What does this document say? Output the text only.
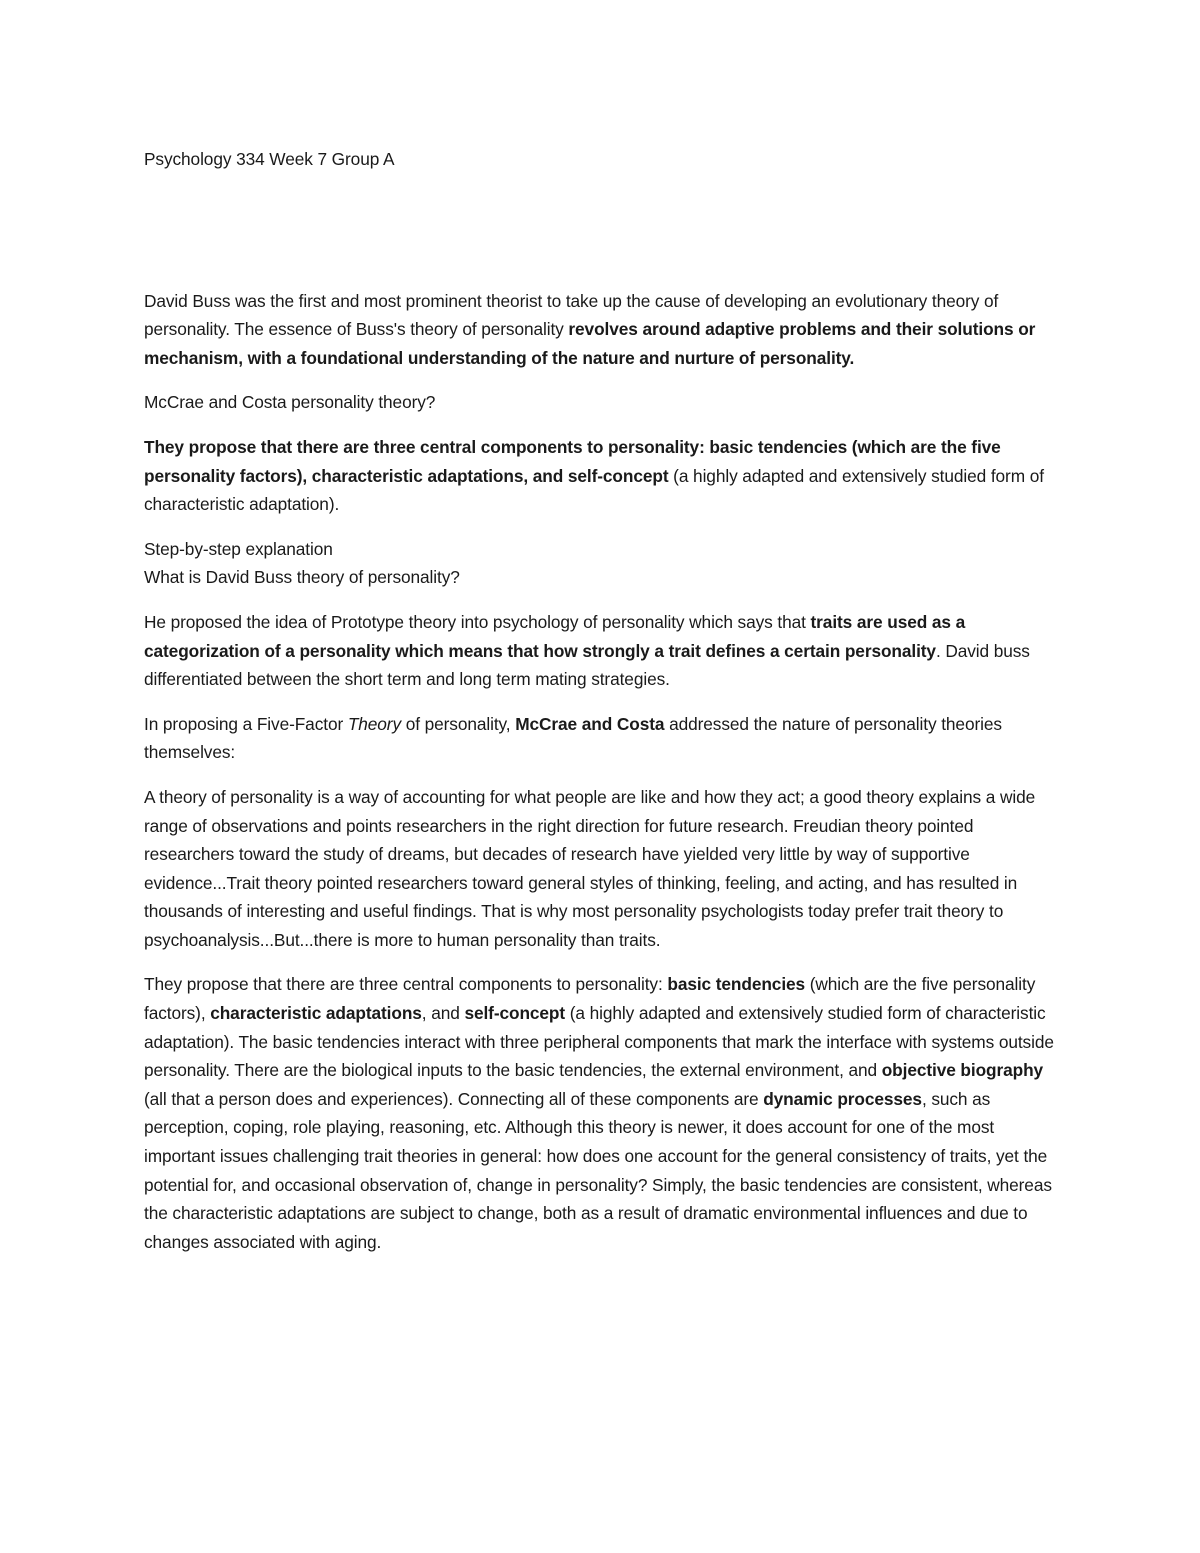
Psychology 334 Week 7 Group A

David Buss was the first and most prominent theorist to take up the cause of developing an evolutionary theory of personality. The essence of Buss's theory of personality revolves around adaptive problems and their solutions or mechanism, with a foundational understanding of the nature and nurture of personality.

McCrae and Costa personality theory?

They propose that there are three central components to personality: basic tendencies (which are the five personality factors), characteristic adaptations, and self-concept (a highly adapted and extensively studied form of characteristic adaptation).

Step-by-step explanation

What is David Buss theory of personality?

He proposed the idea of Prototype theory into psychology of personality which says that traits are used as a categorization of a personality which means that how strongly a trait defines a certain personality. David buss differentiated between the short term and long term mating strategies.

In proposing a Five-Factor Theory of personality, McCrae and Costa addressed the nature of personality theories themselves:

A theory of personality is a way of accounting for what people are like and how they act; a good theory explains a wide range of observations and points researchers in the right direction for future research. Freudian theory pointed researchers toward the study of dreams, but decades of research have yielded very little by way of supportive evidence...Trait theory pointed researchers toward general styles of thinking, feeling, and acting, and has resulted in thousands of interesting and useful findings. That is why most personality psychologists today prefer trait theory to psychoanalysis...But...there is more to human personality than traits.

They propose that there are three central components to personality: basic tendencies (which are the five personality factors), characteristic adaptations, and self-concept (a highly adapted and extensively studied form of characteristic adaptation). The basic tendencies interact with three peripheral components that mark the interface with systems outside personality. There are the biological inputs to the basic tendencies, the external environment, and objective biography (all that a person does and experiences). Connecting all of these components are dynamic processes, such as perception, coping, role playing, reasoning, etc. Although this theory is newer, it does account for one of the most important issues challenging trait theories in general: how does one account for the general consistency of traits, yet the potential for, and occasional observation of, change in personality? Simply, the basic tendencies are consistent, whereas the characteristic adaptations are subject to change, both as a result of dramatic environmental influences and due to changes associated with aging.
